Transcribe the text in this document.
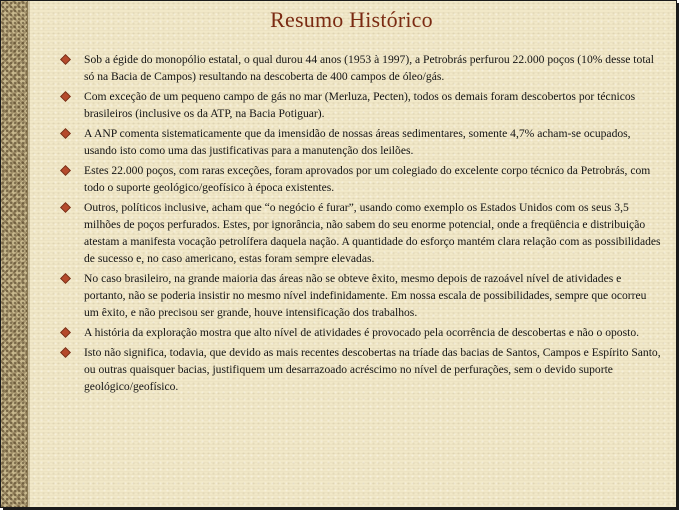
Resumo Histórico
Sob a égide do monopólio estatal, o qual durou 44 anos (1953 à 1997), a Petrobrás perfurou 22.000 poços (10% desse total só na Bacia de Campos) resultando na descoberta de 400 campos de óleo/gás.
Com exceção de um pequeno campo de gás no mar (Merluza, Pecten), todos os demais foram descobertos por técnicos brasileiros (inclusive os da ATP, na Bacia Potiguar).
A ANP comenta sistematicamente que da imensidão de nossas áreas sedimentares, somente 4,7% acham-se ocupados, usando isto como uma das justificativas para a manutenção dos leilões.
Estes 22.000 poços, com raras exceções, foram aprovados por um colegiado do excelente corpo técnico da Petrobrás, com todo o suporte geológico/geofísico à época existentes.
Outros, políticos inclusive, acham que “o negócio é furar”, usando como exemplo os Estados Unidos com os seus 3,5 milhões de poços perfurados. Estes, por ignorância, não sabem do seu enorme potencial, onde a freqüência e distribuição atestam a manifesta vocação petrolífera daquela nação. A quantidade do esforço mantém clara relação com as possibilidades de sucesso e, no caso americano, estas foram sempre elevadas.
No caso brasileiro, na grande maioria das áreas não se obteve êxito, mesmo depois de razoável nível de atividades e portanto, não se poderia insistir no mesmo nível indefinidamente. Em nossa escala de possibilidades, sempre que ocorreu um êxito, e não precisou ser grande, houve intensificação dos trabalhos.
A história da exploração mostra que alto nível de atividades é provocado pela ocorrência de descobertas e não o oposto.
Isto não significa, todavia, que devido as mais recentes descobertas na tríade das bacias de Santos, Campos e Espírito Santo, ou outras quaisquer bacias, justifiquem um desarrazoado acréscimo no nível de perfurações, sem o devido suporte geológico/geofísico.
